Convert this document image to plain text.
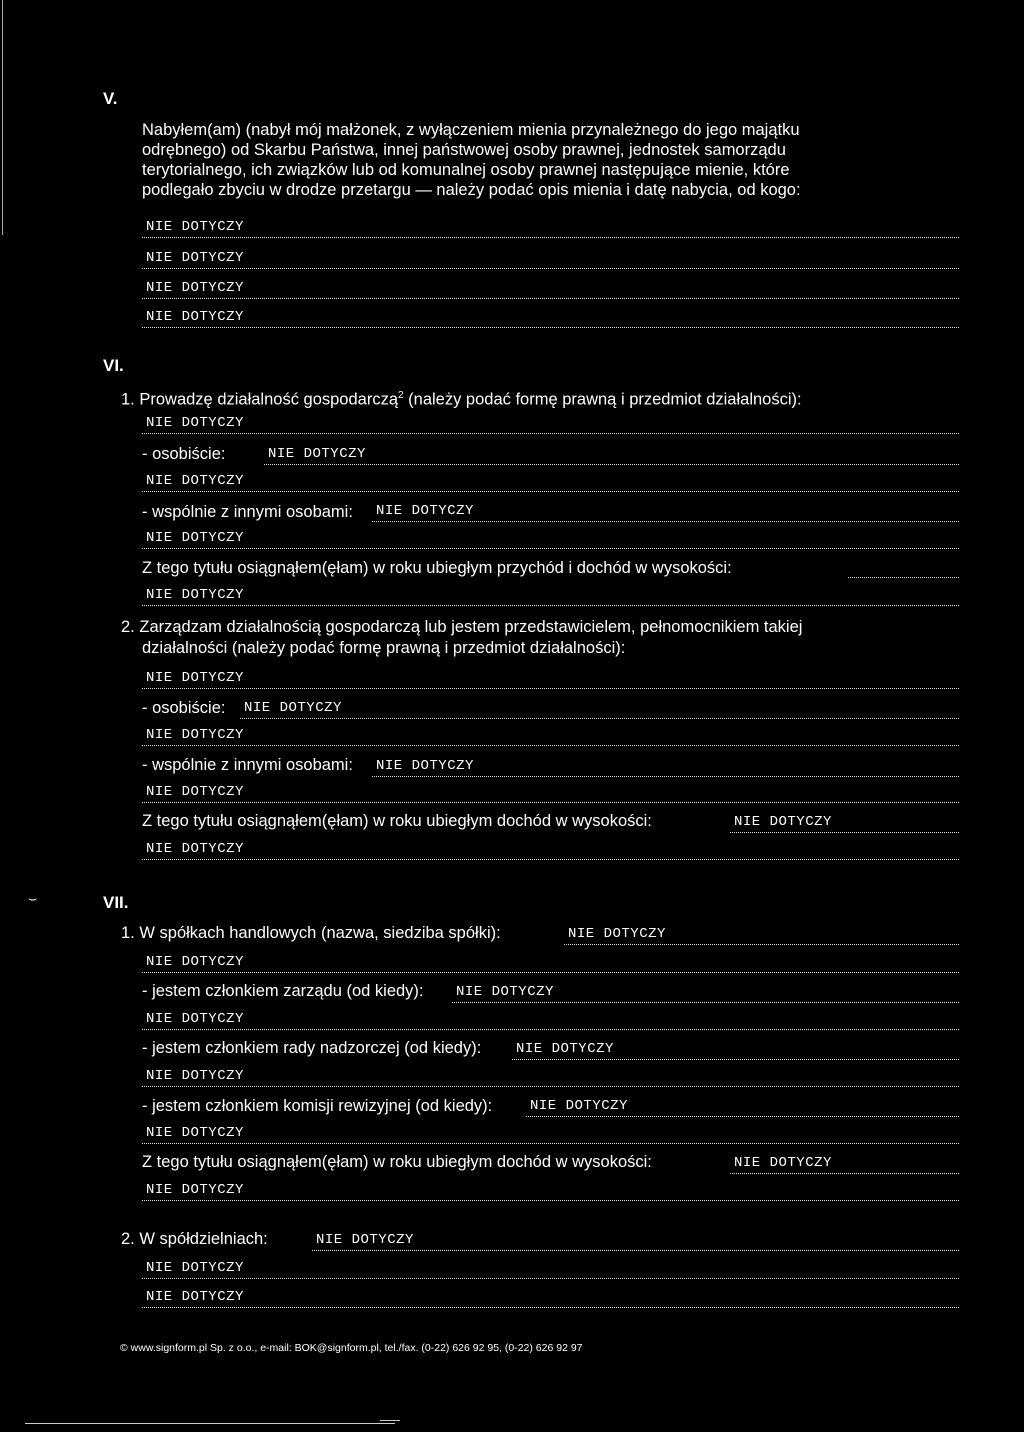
V.
Nabyłem(am) (nabył mój małżonek, z wyłączeniem mienia przynależnego do jego majątku
odrębnego) od Skarbu Państwa, innej państwowej osoby prawnej, jednostek samorządu
terytorialnego, ich związków lub od komunalnej osoby prawnej następujące mienie, które
podlegało zbyciu w drodze przetargu — należy podać opis mienia i datę nabycia, od kogo:
NIE DOTYCZY
NIE DOTYCZY
NIE DOTYCZY
NIE DOTYCZY
VI.
1. Prowadzę działalność gospodarczą$^2$ (należy podać formę prawną i przedmiot działalności):
NIE DOTYCZY
- osobiście:	NIE DOTYCZY
NIE DOTYCZY
- wspólnie z innymi osobami: NIE DOTYCZY
NIE DOTYCZY
Z tego tytułu osiągnąłem(ęłam) w roku ubiegłym przychód i dochód w wysokości:
NIE DOTYCZY
2. Zarządzam działalnością gospodarczą lub jestem przedstawicielem, pełnomocnikiem takiej
działalności (należy podać formę prawną i przedmiot działalności):
NIE DOTYCZY
- osobiście: NIE DOTYCZY
NIE DOTYCZY
- wspólnie z innymi osobami: NIE DOTYCZY
NIE DOTYCZY
Z tego tytułu osiągnąłem(ęłam) w roku ubiegłym dochód w wysokości:	NIE DOTYCZY
NIE DOTYCZY
⌣	VII.
1. W spółkach handlowych (nazwa, siedziba spółki):	NIE DOTYCZY
NIE DOTYCZY
- jestem członkiem zarządu (od kiedy): NIE DOTYCZY
NIE DOTYCZY
- jestem członkiem rady nadzorczej (od kiedy): NIE DOTYCZY
NIE DOTYCZY
- jestem członkiem komisji rewizyjnej (od kiedy):	NIE DOTYCZY
NIE DOTYCZY
Z tego tytułu osiągnąłem(ęłam) w roku ubiegłym dochód w wysokości:	NIE DOTYCZY
NIE DOTYCZY
2. W spółdzielniach:	NIE DOTYCZY
NIE DOTYCZY
NIE DOTYCZY
© www.signform.pl Sp. z o.o., e-mail: BOK@signform.pl, tel./fax. (0-22) 626 92 95, (0-22) 626 92 97
